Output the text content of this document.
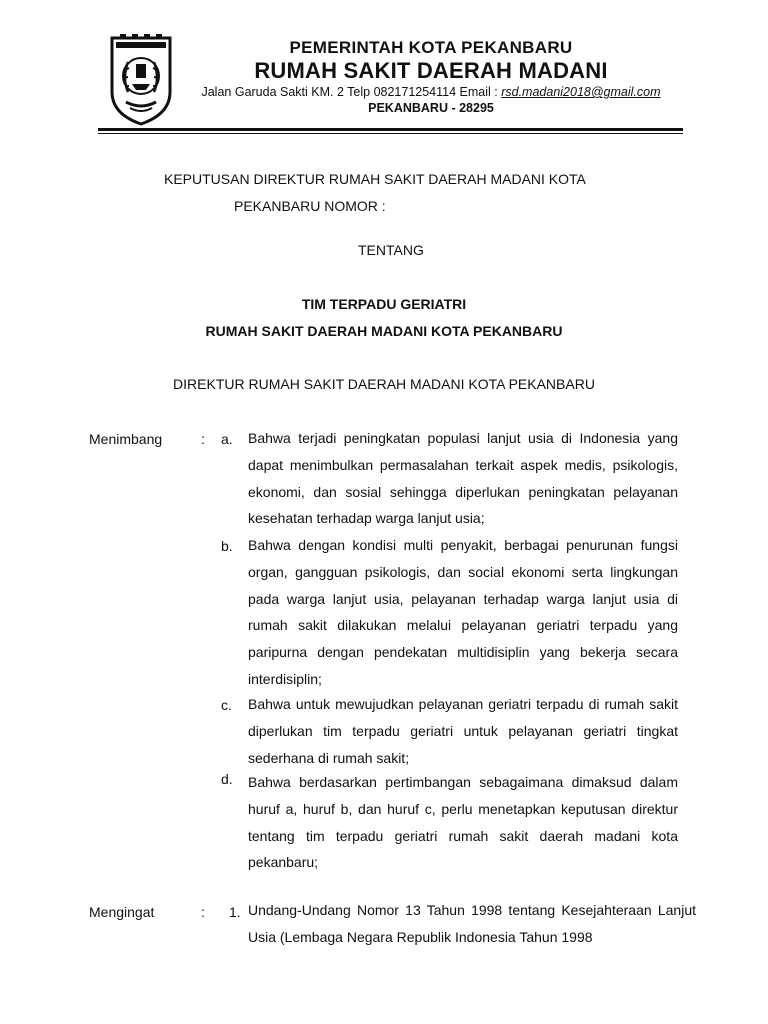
PEMERINTAH KOTA PEKANBARU
RUMAH SAKIT DAERAH MADANI
Jalan Garuda Sakti KM. 2 Telp 082171254114 Email : rsd.madani2018@gmail.com
PEKANBARU - 28295
KEPUTUSAN DIREKTUR RUMAH SAKIT DAERAH MADANI KOTA
PEKANBARU NOMOR :
TENTANG
TIM TERPADU GERIATRI
RUMAH SAKIT DAERAH MADANI KOTA PEKANBARU
DIREKTUR RUMAH SAKIT DAERAH MADANI KOTA PEKANBARU
Menimbang	: a. Bahwa terjadi peningkatan populasi lanjut usia di Indonesia yang dapat menimbulkan permasalahan terkait aspek medis, psikologis, ekonomi, dan sosial sehingga diperlukan peningkatan pelayanan kesehatan terhadap warga lanjut usia;

b. Bahwa dengan kondisi multi penyakit, berbagai penurunan fungsi organ, gangguan psikologis, dan social ekonomi serta lingkungan pada warga lanjut usia, pelayanan terhadap warga lanjut usia di rumah sakit dilakukan melalui pelayanan geriatri terpadu yang paripurna dengan pendekatan multidisiplin yang bekerja secara interdisiplin;

c. Bahwa untuk mewujudkan pelayanan geriatri terpadu di rumah sakit diperlukan tim terpadu geriatri untuk pelayanan geriatri tingkat sederhana di rumah sakit;

d. Bahwa berdasarkan pertimbangan sebagaimana dimaksud dalam huruf a, huruf b, dan huruf c, perlu menetapkan keputusan direktur tentang tim terpadu geriatri rumah sakit daerah madani kota pekanbaru;

Mengingat	: 1. Undang-Undang Nomor 13 Tahun 1998 tentang Kesejahteraan Lanjut Usia (Lembaga Negara Republik Indonesia Tahun 1998
